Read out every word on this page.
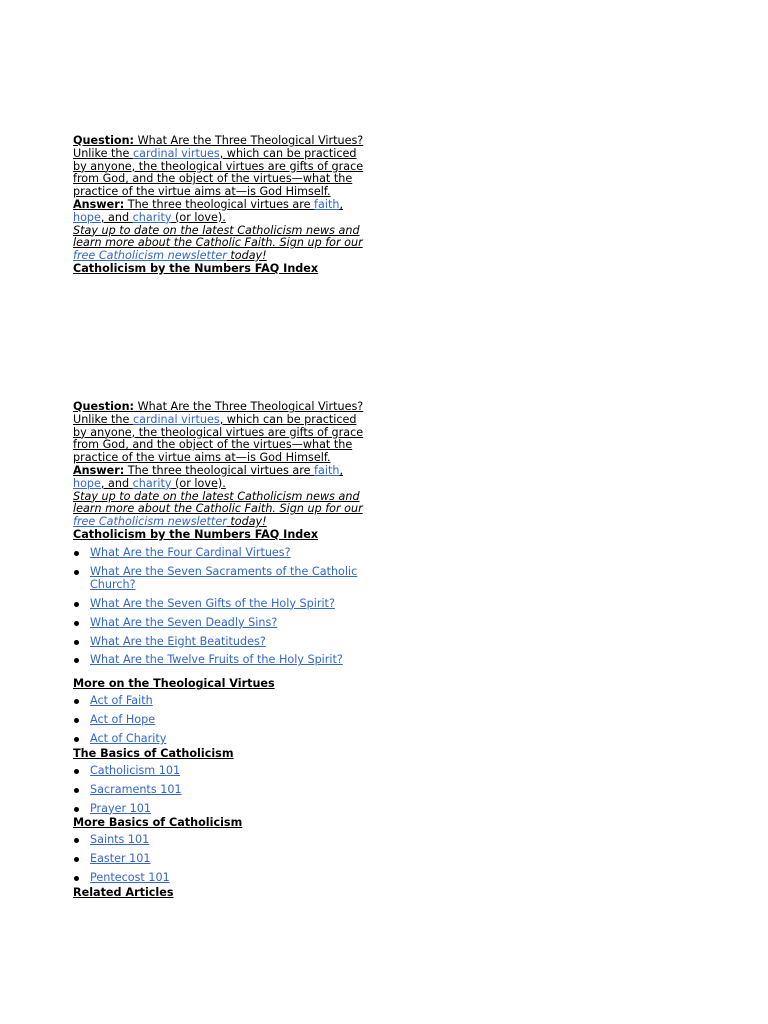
Question: What Are the Three Theological Virtues?
Unlike the cardinal virtues, which can be practiced by anyone, the theological virtues are gifts of grace from God, and the object of the virtues—what the practice of the virtue aims at—is God Himself.
Answer: The three theological virtues are faith, hope, and charity (or love).
Stay up to date on the latest Catholicism news and learn more about the Catholic Faith. Sign up for our free Catholicism newsletter today!
Catholicism by the Numbers FAQ Index
Question: What Are the Three Theological Virtues?
Unlike the cardinal virtues, which can be practiced by anyone, the theological virtues are gifts of grace from God, and the object of the virtues—what the practice of the virtue aims at—is God Himself.
Answer: The three theological virtues are faith, hope, and charity (or love).
Stay up to date on the latest Catholicism news and learn more about the Catholic Faith. Sign up for our free Catholicism newsletter today!
Catholicism by the Numbers FAQ Index
What Are the Four Cardinal Virtues?
What Are the Seven Sacraments of the Catholic Church?
What Are the Seven Gifts of the Holy Spirit?
What Are the Seven Deadly Sins?
What Are the Eight Beatitudes?
What Are the Twelve Fruits of the Holy Spirit?
More on the Theological Virtues
Act of Faith
Act of Hope
Act of Charity
The Basics of Catholicism
Catholicism 101
Sacraments 101
Prayer 101
More Basics of Catholicism
Saints 101
Easter 101
Pentecost 101
Related Articles
